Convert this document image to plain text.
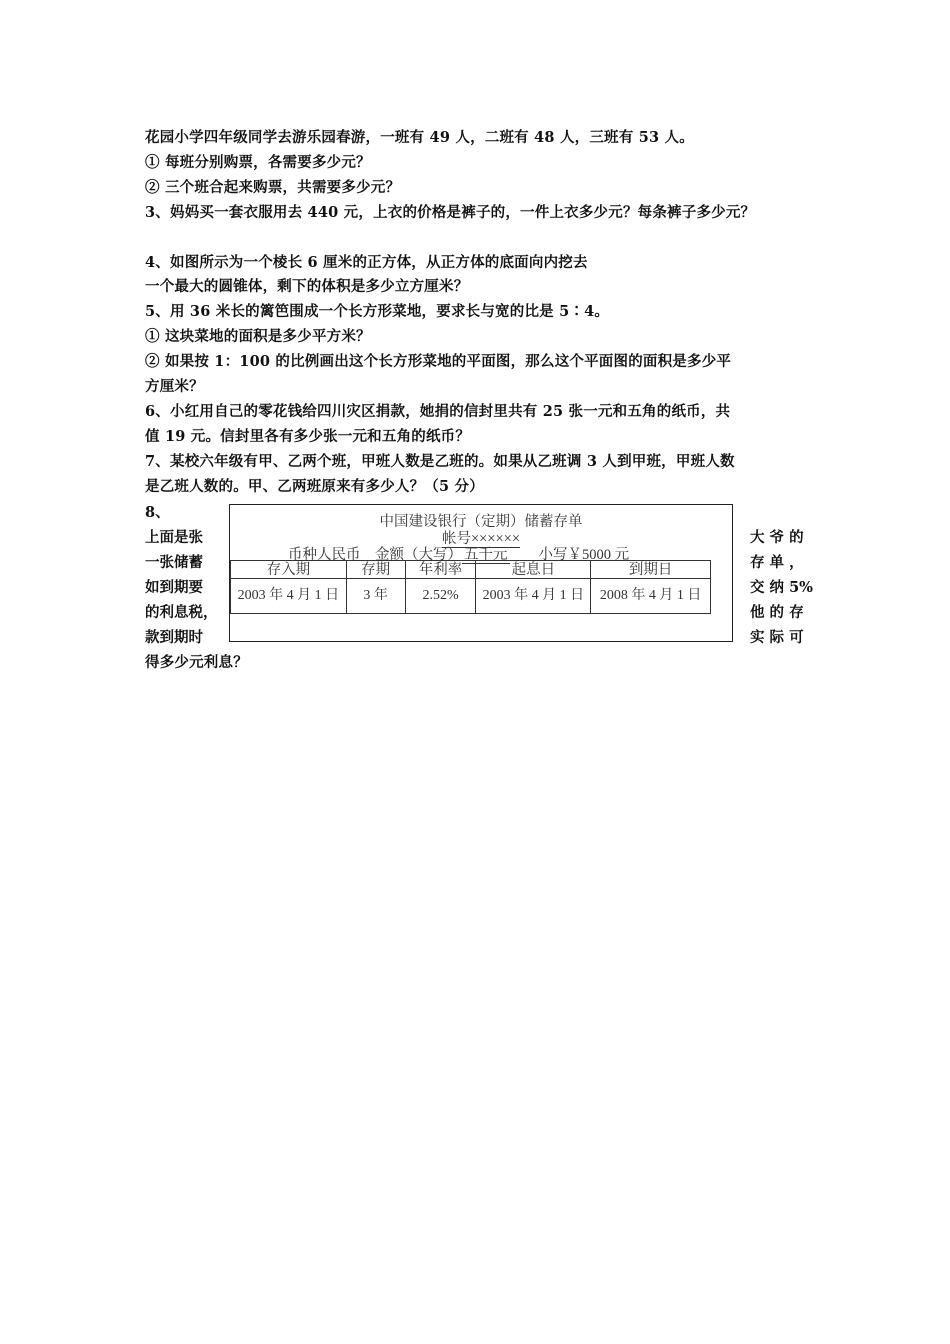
花园小学四年级同学去游乐园春游，一班有 49 人，二班有 48 人，三班有 53 人。
① 每班分别购票，各需要多少元？
② 三个班合起来购票，共需要多少元？
3、妈妈买一套衣服用去 440 元，上衣的价格是裤子的，一件上衣多少元？每条裤子多少元？
4、如图所示为一个棱长 6 厘米的正方体，从正方体的底面向内挖去
一个最大的圆锥体，剩下的体积是多少立方厘米？
5、用 36 米长的篱笆围成一个长方形菜地，要求长与宽的比是 5∶4。
① 这块菜地的面积是多少平方米？
② 如果按 1：100 的比例画出这个长方形菜地的平面图，那么这个平面图的面积是多少平
方厘米？
6、小红用自己的零花钱给四川灾区捐款，她捐的信封里共有 25 张一元和五角的纸币，共
值 19 元。信封里各有多少张一元和五角的纸币？
7、某校六年级有甲、乙两个班，甲班人数是乙班的。如果从乙班调 3 人到甲班，甲班人数
是乙班人数的。甲、乙两班原来有多少人？（5 分）
8、
上面是张
一张储蓄
如到期要
的利息税，
款到期时
大 爷 的
存 单 ，
交 纳 5%
他 的 存
实 际 可
得多少元利息？
中国建设银行（定期）储蓄存单
帐号××××××
币种人民币 金额（大写） 五千元 小写￥5000 元
存入期	存期	年利率	起息日	到期日
2003 年 4 月 1 日	3 年	2.52%	2003 年 4 月 1 日	2008 年 4 月 1 日
